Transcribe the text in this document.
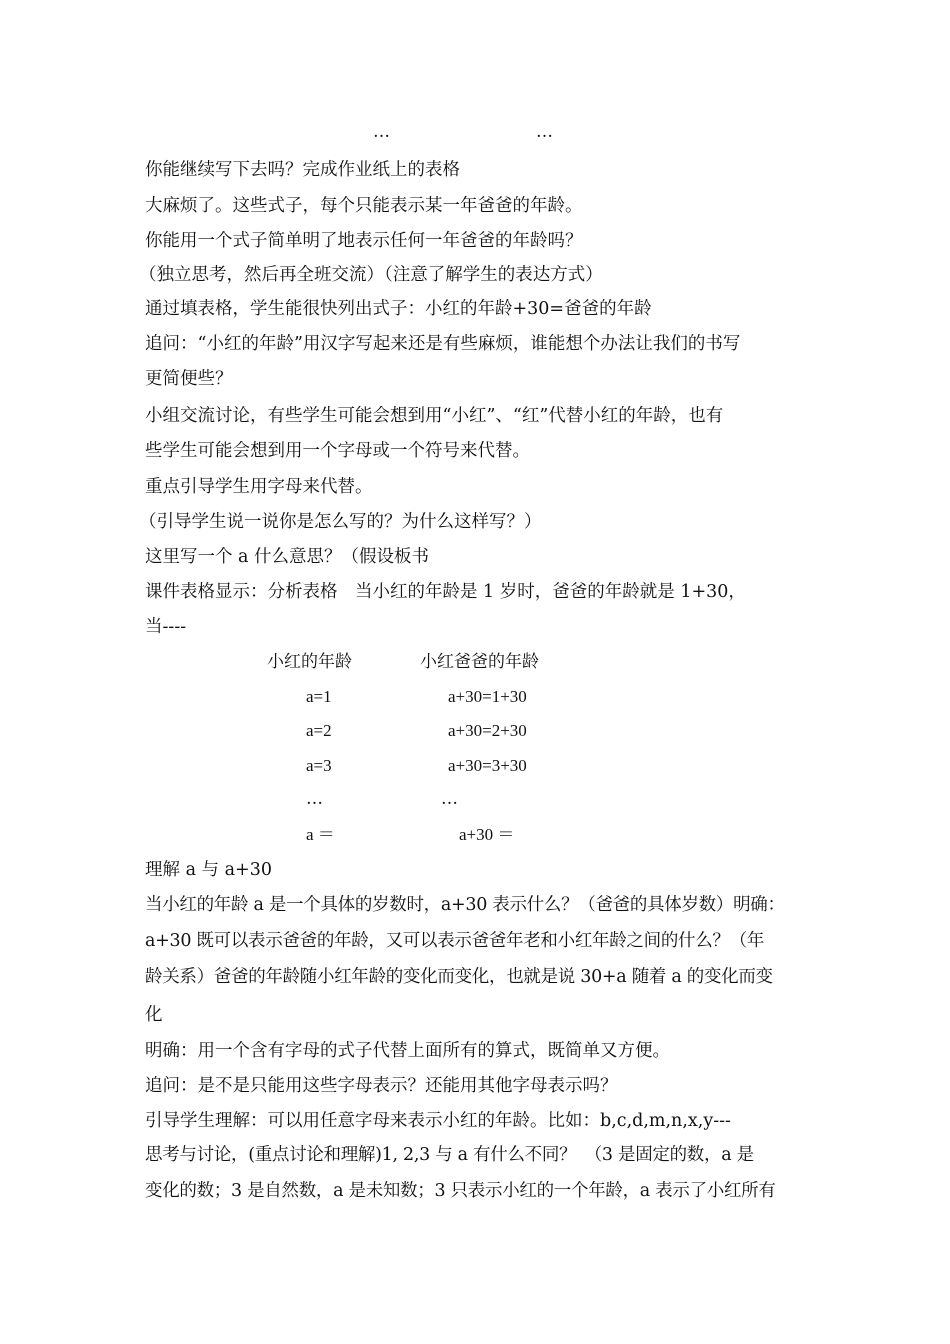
…	…
你能继续写下去吗？完成作业纸上的表格
大麻烦了。这些式子，每个只能表示某一年爸爸的年龄。
你能用一个式子简单明了地表示任何一年爸爸的年龄吗？
（独立思考，然后再全班交流）（注意了解学生的表达方式）
通过填表格，学生能很快列出式子：小红的年龄+30=爸爸的年龄
追问：“小红的年龄”用汉字写起来还是有些麻烦，谁能想个办法让我们的书写
更简便些？
小组交流讨论，有些学生可能会想到用“小红”、“红”代替小红的年龄，也有
些学生可能会想到用一个字母或一个符号来代替。
重点引导学生用字母来代替。
（引导学生说一说你是怎么写的？为什么这样写？）
这里写一个 a 什么意思？（假设板书
课件表格显示：分析表格　当小红的年龄是 1 岁时，爸爸的年龄就是 1+30，
当----
小红的年龄	小红爸爸的年龄
a=1	a+30=1+30
a=2	a+30=2+30
a=3	a+30=3+30
…	…
a ＝	a+30 ＝
理解 a 与 a+30
当小红的年龄 a 是一个具体的岁数时，a+30 表示什么？（爸爸的具体岁数）明确：
a+30 既可以表示爸爸的年龄，又可以表示爸爸年老和小红年龄之间的什么？（年
龄关系）爸爸的年龄随小红年龄的变化而变化，也就是说 30+a 随着 a 的变化而变
化
明确：用一个含有字母的式子代替上面所有的算式，既简单又方便。
追问：是不是只能用这些字母表示？还能用其他字母表示吗？
引导学生理解：可以用任意字母来表示小红的年龄。比如：b,c,d,m,n,x,y---
思考与讨论，(重点讨论和理解)1, 2,3 与 a 有什么不同？　（3 是固定的数，a 是
变化的数；3 是自然数，a 是未知数；3 只表示小红的一个年龄，a 表示了小红所有
